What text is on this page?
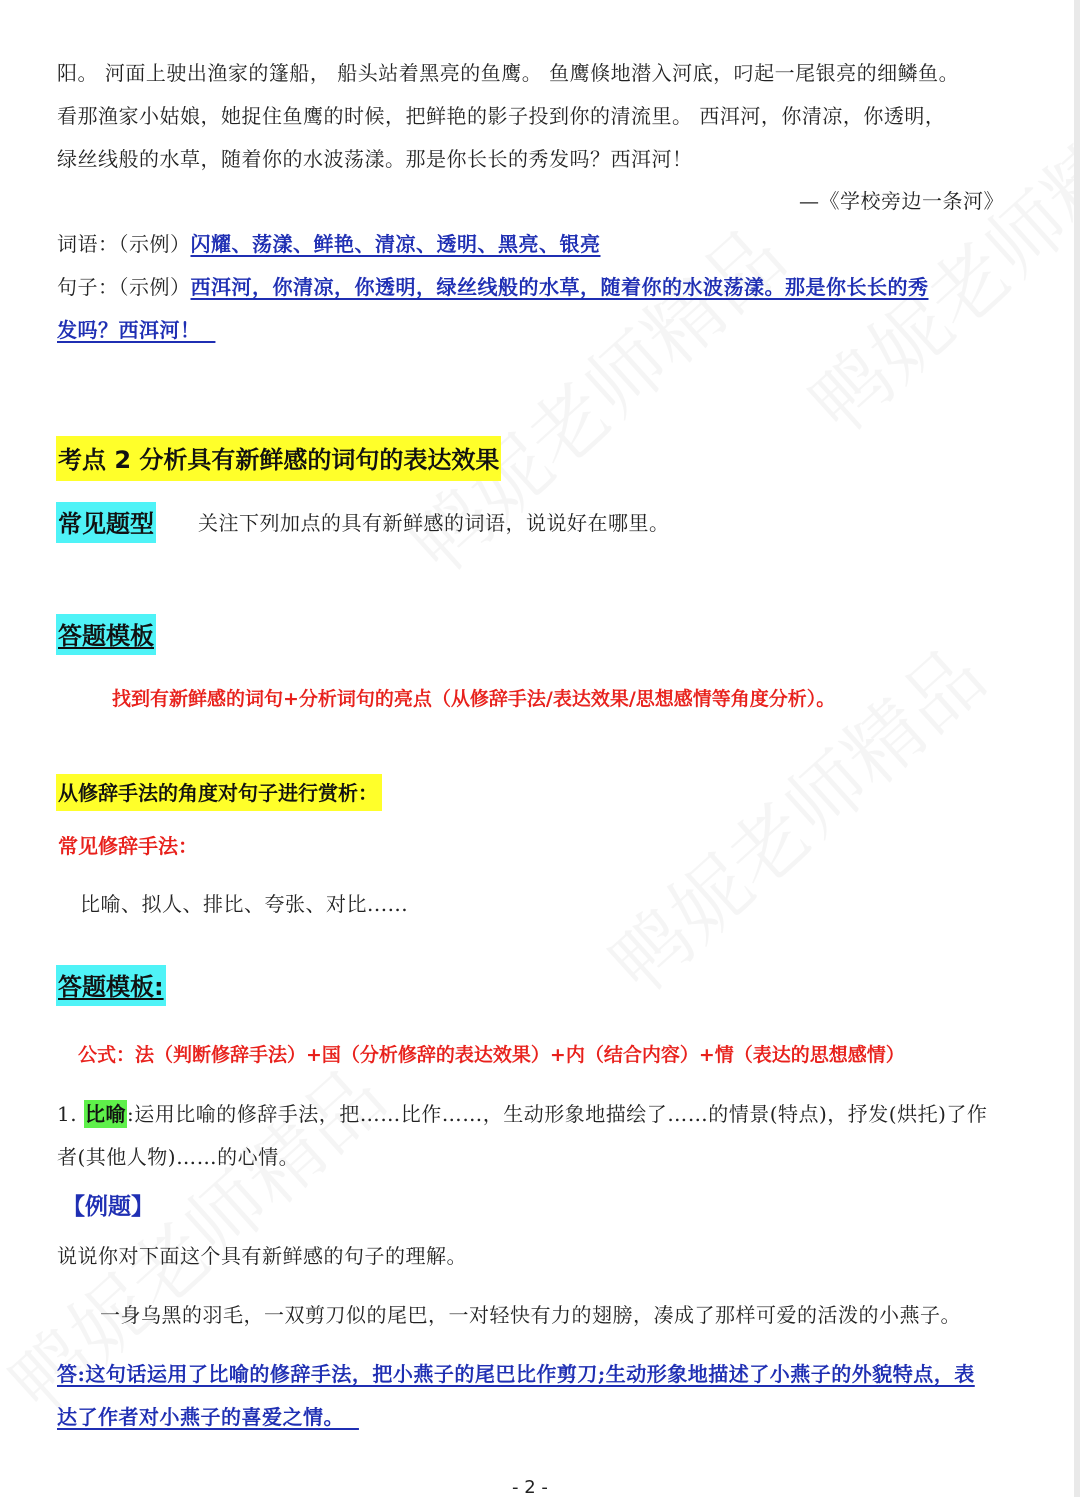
阳。 河面上驶出渔家的篷船， 船头站着黑亮的鱼鹰。 鱼鹰倏地潜入河底，叼起一尾银亮的细鳞鱼。
看那渔家小姑娘，她捉住鱼鹰的时候，把鲜艳的影子投到你的清流里。 西洱河，你清凉，你透明，
绿丝线般的水草，随着你的水波荡漾。那是你长长的秀发吗？西洱河！
—《学校旁边一条河》
词语：（示例）闪耀、荡漾、鲜艳、清凉、透明、黑亮、银亮
句子：（示例）西洱河，你清凉，你透明，绿丝线般的水草，随着你的水波荡漾。那是你长长的秀
发吗？西洱河！
考点 2 分析具有新鲜感的词句的表达效果
常见题型 关注下列加点的具有新鲜感的词语，说说好在哪里。
答题模板
找到有新鲜感的词句+分析词句的亮点（从修辞手法/表达效果/思想感情等角度分析）。
从修辞手法的角度对句子进行赏析：
常见修辞手法：
比喻、拟人、排比、夸张、对比......
答题模板:
公式：法（判断修辞手法）+国（分析修辞的表达效果）+内（结合内容）+情（表达的思想感情）
1. 比喻:运用比喻的修辞手法，把……比作……，生动形象地描绘了……的情景(特点)，抒发(烘托)了作
者(其他人物)……的心情。
【例题】
说说你对下面这个具有新鲜感的句子的理解。
一身乌黑的羽毛，一双剪刀似的尾巴，一对轻快有力的翅膀，凑成了那样可爱的活泼的小燕子。
答:这句话运用了比喻的修辞手法，把小燕子的尾巴比作剪刀;生动形象地描述了小燕子的外貌特点，表
达了作者对小燕子的喜爱之情。
- 2 -
